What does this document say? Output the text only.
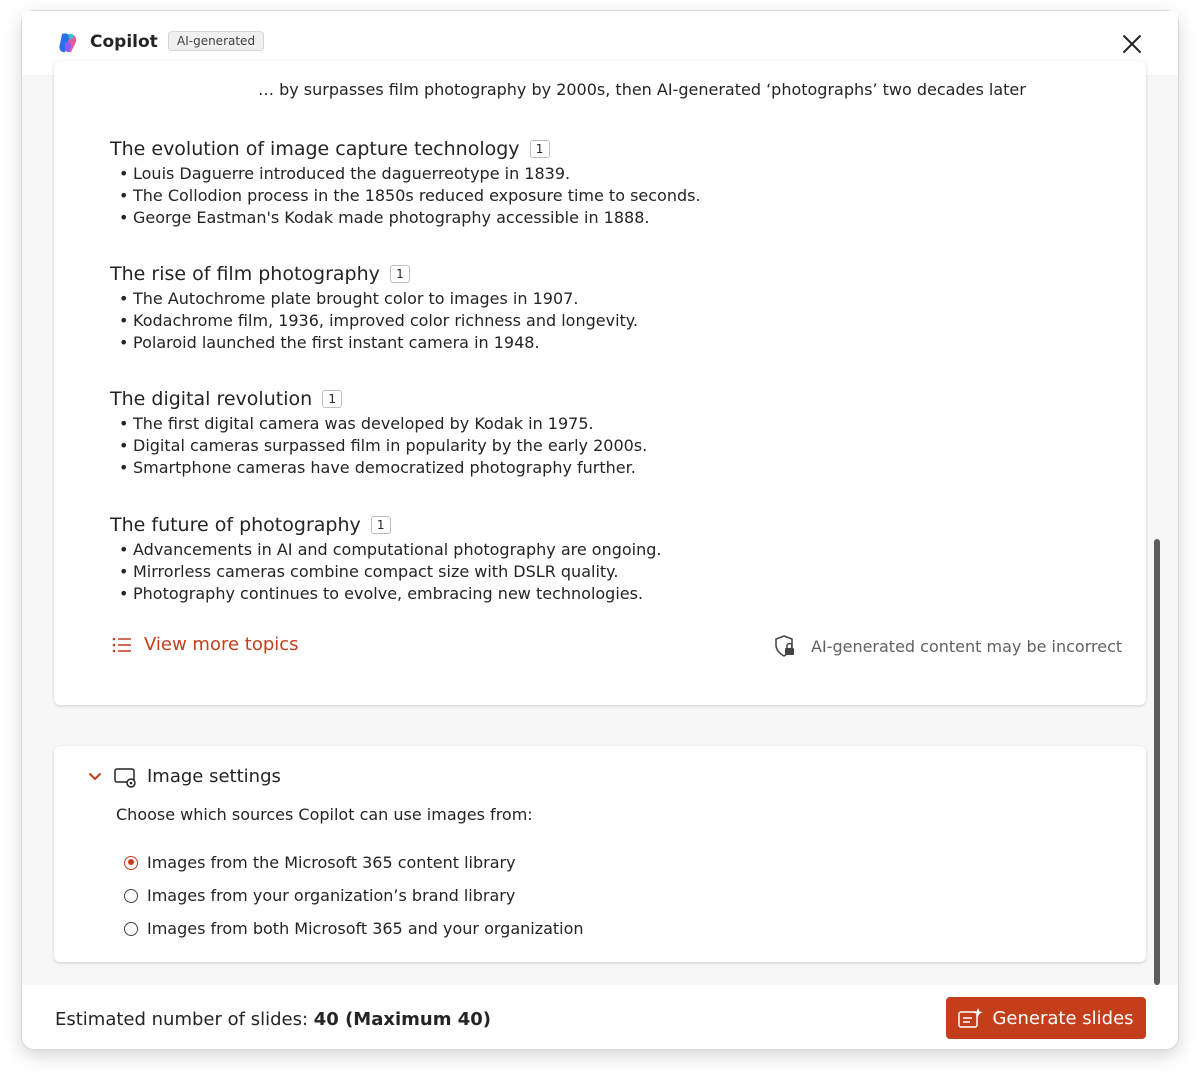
Copilot	AI-generated
… by surpasses film photography by 2000s, then AI-generated ‘photographs’ two decades later
The evolution of image capture technology	1
• Louis Daguerre introduced the daguerreotype in 1839.
• The Collodion process in the 1850s reduced exposure time to seconds.
• George Eastman's Kodak made photography accessible in 1888.
The rise of film photography	1
• The Autochrome plate brought color to images in 1907.
• Kodachrome film, 1936, improved color richness and longevity.
• Polaroid launched the first instant camera in 1948.
The digital revolution	1
• The first digital camera was developed by Kodak in 1975.
• Digital cameras surpassed film in popularity by the early 2000s.
• Smartphone cameras have democratized photography further.
The future of photography	1
• Advancements in AI and computational photography are ongoing.
• Mirrorless cameras combine compact size with DSLR quality.
• Photography continues to evolve, embracing new technologies.
View more topics	AI-generated content may be incorrect
Image settings
Choose which sources Copilot can use images from:
Images from the Microsoft 365 content library
Images from your organization’s brand library
Images from both Microsoft 365 and your organization
Estimated number of slides: 40 (Maximum 40)	Generate slides
